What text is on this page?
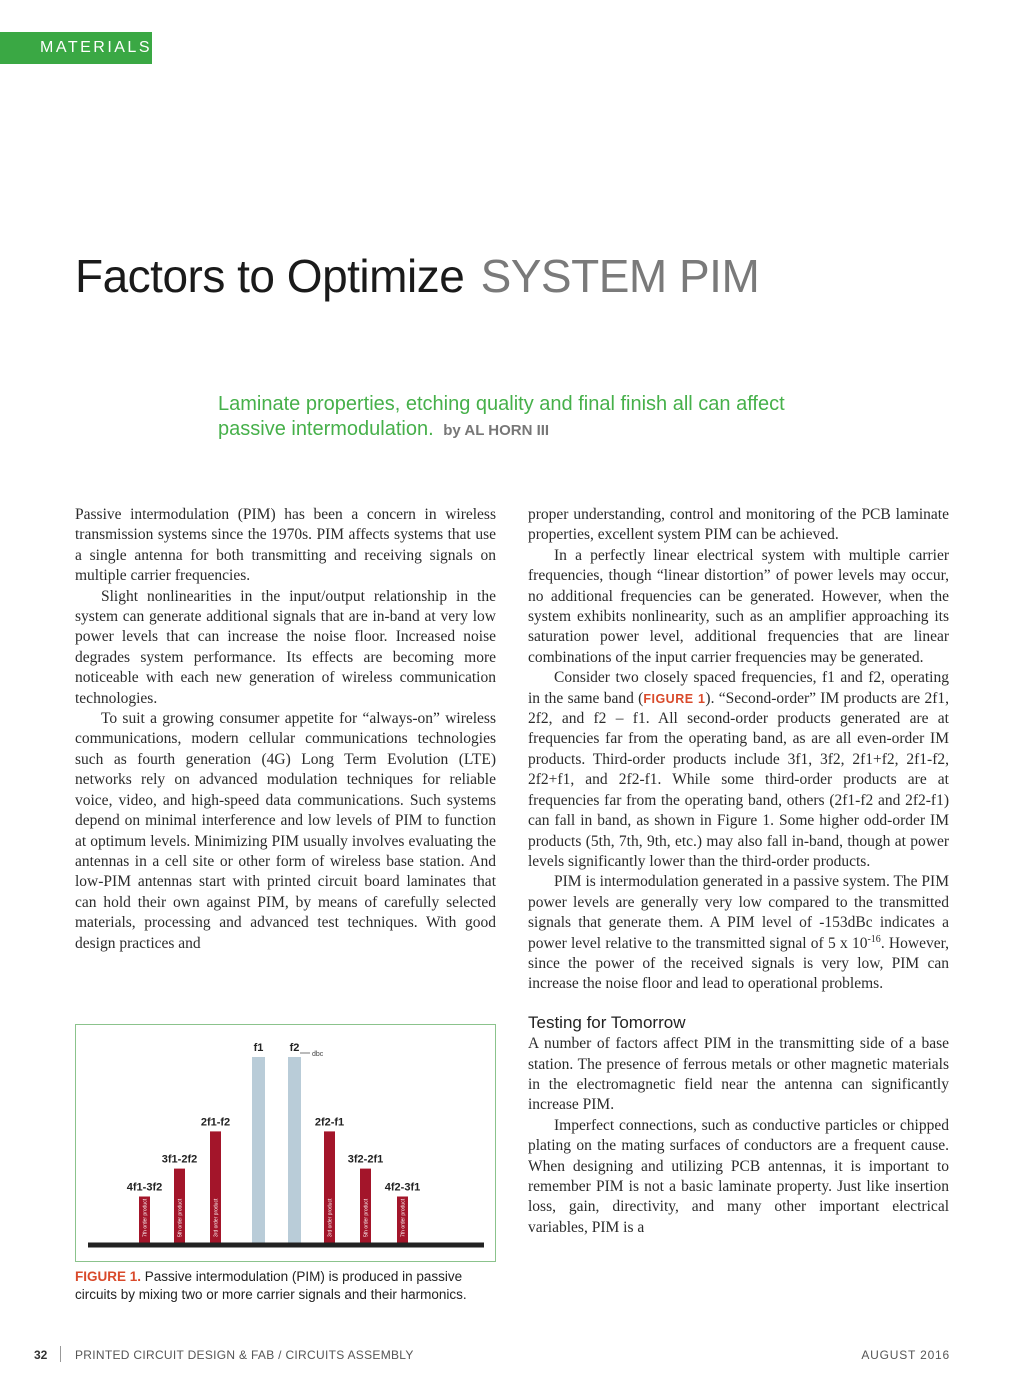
MATERIALS
Factors to Optimize SYSTEM PIM
Laminate properties, etching quality and final finish all can affect passive intermodulation. by AL HORN III

Passive intermodulation (PIM) has been a concern in wireless transmission systems since the 1970s. PIM affects systems that use a single antenna for both transmitting and receiving signals on multiple carrier frequencies.

Slight nonlinearities in the input/output relationship in the system can generate additional signals that are in-band at very low power levels that can increase the noise floor. Increased noise degrades system performance. Its effects are becoming more noticeable with each new generation of wireless communication technologies.

To suit a growing consumer appetite for “always-on” wireless communications, modern cellular communications technologies such as fourth generation (4G) Long Term Evolution (LTE) networks rely on advanced modulation techniques for reliable voice, video, and high-speed data communications. Such systems depend on minimal interference and low levels of PIM to function at optimum levels. Minimizing PIM usually involves evaluating the antennas in a cell site or other form of wireless base station. And low-PIM antennas start with printed circuit board laminates that can hold their own against PIM, by means of carefully selected materials, processing and advanced test techniques. With good design practices and

4f1-3f2
7th order product
3f1-2f2
5th order product
2f1-f2
3rd order product
f1 f2
2f2-f1
3rd order product
3f2-2f1
5th order product
4f2-3f1
7th order product
dbc
FIGURE 1. Passive intermodulation (PIM) is produced in passive circuits by mixing two or more carrier signals and their harmonics.

proper understanding, control and monitoring of the PCB laminate properties, excellent system PIM can be achieved.

In a perfectly linear electrical system with multiple carrier frequencies, though “linear distortion” of power levels may occur, no additional frequencies can be generated. However, when the system exhibits nonlinearity, such as an amplifier approaching its saturation power level, additional frequencies that are linear combinations of the input carrier frequencies may be generated.

Consider two closely spaced frequencies, f1 and f2, operating in the same band (FIGURE 1). “Second-order” IM products are 2f1, 2f2, and f2 – f1. All second-order products generated are at frequencies far from the operating band, as are all even-order IM products. Third-order products include 3f1, 3f2, 2f1+f2, 2f1-f2, 2f2+f1, and 2f2-f1. While some third-order products are at frequencies far from the operating band, others (2f1-f2 and 2f2-f1) can fall in band, as shown in Figure 1. Some higher odd-order IM products (5th, 7th, 9th, etc.) may also fall in-band, though at power levels significantly lower than the third-order products.

PIM is intermodulation generated in a passive system. The PIM power levels are generally very low compared to the transmitted signals that generate them. A PIM level of -153dBc indicates a power level relative to the transmitted signal of 5 x $10^{-16}$. However, since the power of the received signals is very low, PIM can increase the noise floor and lead to operational problems.

Testing for Tomorrow

A number of factors affect PIM in the transmitting side of a base station. The presence of ferrous metals or other magnetic materials in the electromagnetic field near the antenna can significantly increase PIM.

Imperfect connections, such as conductive particles or chipped plating on the mating surfaces of conductors are a frequent cause. When designing and utilizing PCB antennas, it is important to remember PIM is not a basic laminate property. Just like insertion loss, gain, directivity, and many other important electrical variables, PIM is a

32 PRINTED CIRCUIT DESIGN & FAB / CIRCUITS ASSEMBLY	AUGUST 2016
